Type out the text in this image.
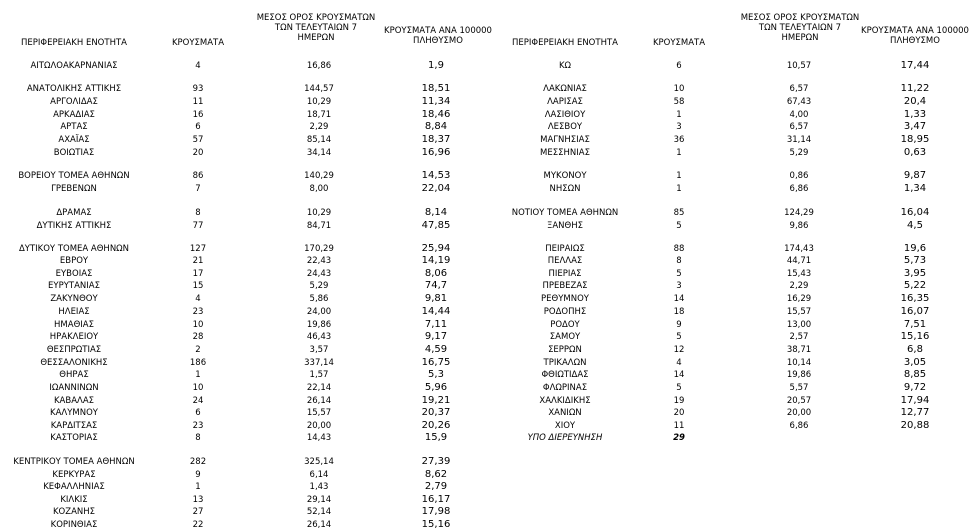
ΠΕΡΙΦΕΡΕΙΑΚΗ ΕΝΟΤΗΤΑ	ΚΡΟΥΣΜΑΤΑ
ΜΕΣΟΣ ΟΡΟΣ ΚΡΟΥΣΜΑΤΩΝ
ΤΩΝ ΤΕΛΕΥΤΑΙΩΝ 7
ΗΜΕΡΩΝ
ΚΡΟΥΣΜΑΤΑ ΑΝΑ 100000
ΠΛΗΘΥΣΜΟ	ΠΕΡΙΦΕΡΕΙΑΚΗ ΕΝΟΤΗΤΑ	ΚΡΟΥΣΜΑΤΑ
ΜΕΣΟΣ ΟΡΟΣ ΚΡΟΥΣΜΑΤΩΝ
ΤΩΝ ΤΕΛΕΥΤΑΙΩΝ 7
ΗΜΕΡΩΝ
ΚΡΟΥΣΜΑΤΑ ΑΝΑ 100000
ΠΛΗΘΥΣΜΟ
ΑΙΤΩΛΟΑΚΑΡΝΑΝΙΑΣ	4	16,86	1,9
ΑΝΑΤΟΛΙΚΗΣ ΑΤΤΙΚΗΣ	93	144,57	18,51
ΑΡΓΟΛΙΔΑΣ	11	10,29	11,34
ΑΡΚΑΔΙΑΣ	16	18,71	18,46
ΑΡΤΑΣ	6	2,29	8,84
ΑΧΑΪΑΣ	57	85,14	18,37
ΒΟΙΩΤΙΑΣ	20	34,14	16,96
ΒΟΡΕΙΟΥ ΤΟΜΕΑ ΑΘΗΝΩΝ	86	140,29	14,53
ΓΡΕΒΕΝΩΝ	7	8,00	22,04
ΔΡΑΜΑΣ	8	10,29	8,14
ΔΥΤΙΚΗΣ ΑΤΤΙΚΗΣ	77	84,71	47,85
ΔΥΤΙΚΟΥ ΤΟΜΕΑ ΑΘΗΝΩΝ	127	170,29	25,94
ΕΒΡΟΥ	21	22,43	14,19
ΕΥΒΟΙΑΣ	17	24,43	8,06
ΕΥΡΥΤΑΝΙΑΣ	15	5,29	74,7
ΖΑΚΥΝΘΟΥ	4	5,86	9,81
ΗΛΕΙΑΣ	23	24,00	14,44
ΗΜΑΘΙΑΣ	10	19,86	7,11
ΗΡΑΚΛΕΙΟΥ	28	46,43	9,17
ΘΕΣΠΡΩΤΙΑΣ	2	3,57	4,59
ΘΕΣΣΑΛΟΝΙΚΗΣ	186	337,14	16,75
ΘΗΡΑΣ	1	1,57	5,3
ΙΩΑΝΝΙΝΩΝ	10	22,14	5,96
ΚΑΒΑΛΑΣ	24	26,14	19,21
ΚΑΛΥΜΝΟΥ	6	15,57	20,37
ΚΑΡΔΙΤΣΑΣ	23	20,00	20,26
ΚΑΣΤΟΡΙΑΣ	8	14,43	15,9
ΚΕΝΤΡΙΚΟΥ ΤΟΜΕΑ ΑΘΗΝΩΝ	282	325,14	27,39
ΚΕΡΚΥΡΑΣ	9	6,14	8,62
ΚΕΦΑΛΛΗΝΙΑΣ	1	1,43	2,79
ΚΙΛΚΙΣ	13	29,14	16,17
ΚΟΖΑΝΗΣ	27	52,14	17,98
ΚΟΡΙΝΘΙΑΣ	22	26,14	15,16
ΚΩ	6	10,57	17,44
ΛΑΚΩΝΙΑΣ	10	6,57	11,22
ΛΑΡΙΣΑΣ	58	67,43	20,4
ΛΑΣΙΘΙΟΥ	1	4,00	1,33
ΛΕΣΒΟΥ	3	6,57	3,47
ΜΑΓΝΗΣΙΑΣ	36	31,14	18,95
ΜΕΣΣΗΝΙΑΣ	1	5,29	0,63
ΜΥΚΟΝΟΥ	1	0,86	9,87
ΝΗΣΩΝ	1	6,86	1,34
ΝΟΤΙΟΥ ΤΟΜΕΑ ΑΘΗΝΩΝ	85	124,29	16,04
ΞΑΝΘΗΣ	5	9,86	4,5
ΠΕΙΡΑΙΩΣ	88	174,43	19,6
ΠΕΛΛΑΣ	8	44,71	5,73
ΠΙΕΡΙΑΣ	5	15,43	3,95
ΠΡΕΒΕΖΑΣ	3	2,29	5,22
ΡΕΘΥΜΝΟΥ	14	16,29	16,35
ΡΟΔΟΠΗΣ	18	15,57	16,07
ΡΟΔΟΥ	9	13,00	7,51
ΣΑΜΟΥ	5	2,57	15,16
ΣΕΡΡΩΝ	12	38,71	6,8
ΤΡΙΚΑΛΩΝ	4	10,14	3,05
ΦΘΙΩΤΙΔΑΣ	14	19,86	8,85
ΦΛΩΡΙΝΑΣ	5	5,57	9,72
ΧΑΛΚΙΔΙΚΗΣ	19	20,57	17,94
ΧΑΝΙΩΝ	20	20,00	12,77
ΧΙΟΥ	11	6,86	20,88
ΥΠΟ ΔΙΕΡΕΥΝΗΣΗ	29
